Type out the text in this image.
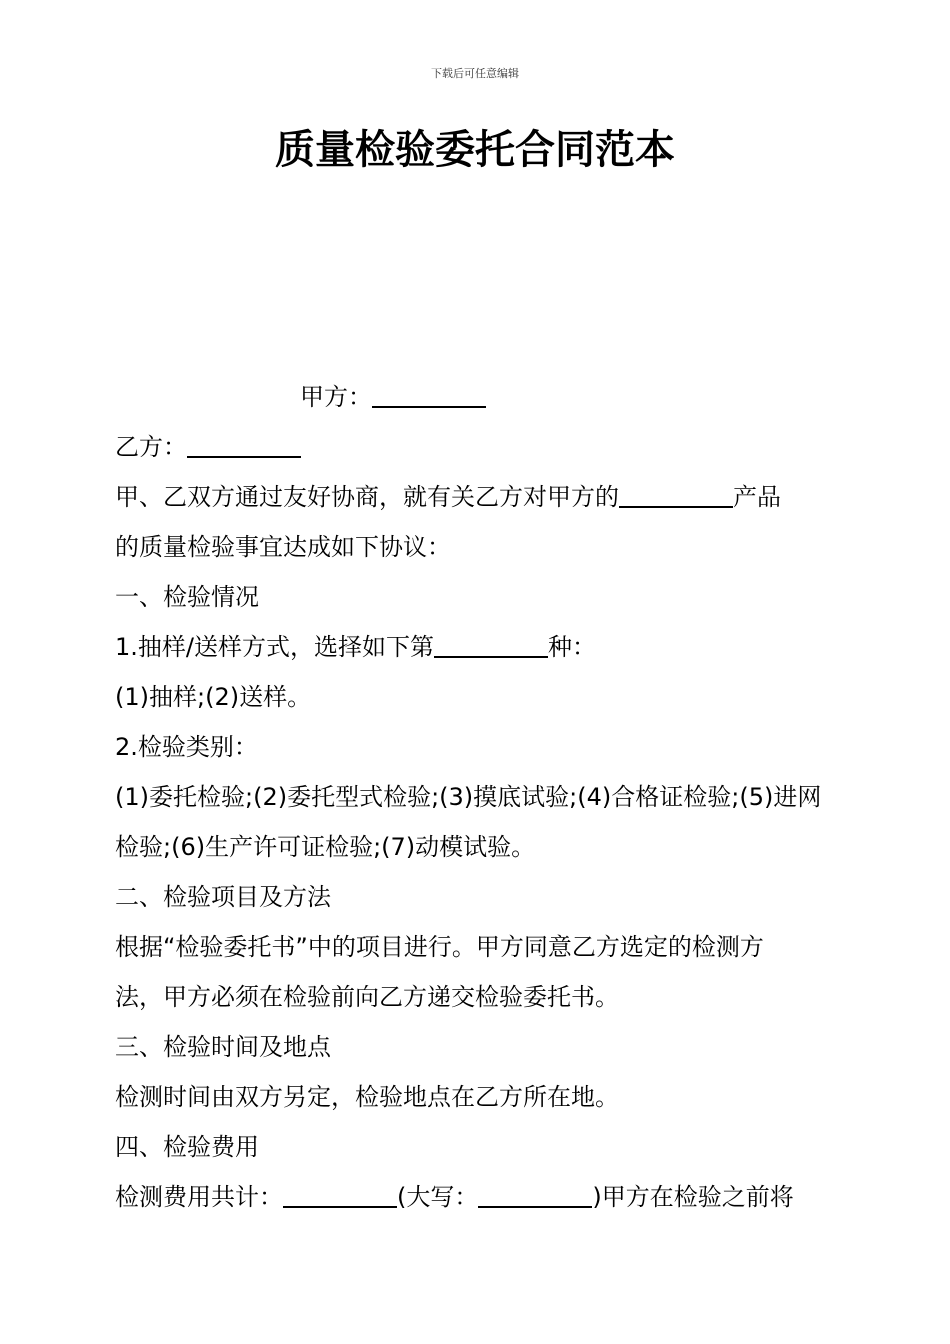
下载后可任意编辑
质量检验委托合同范本

甲方：

乙方：

甲、乙双方通过友好协商，就有关乙方对甲方的	产品

的质量检验事宜达成如下协议：

一、检验情况

1.抽样/送样方式，选择如下第	种：

(1)抽样;(2)送样。

2.检验类别：

(1)委托检验;(2)委托型式检验;(3)摸底试验;(4)合格证检验;(5)进网

检验;(6)生产许可证检验;(7)动模试验。

二、检验项目及方法

根据“检验委托书”中的项目进行。甲方同意乙方选定的检测方

法，甲方必须在检验前向乙方递交检验委托书。

三、检验时间及地点

检测时间由双方另定，检验地点在乙方所在地。

四、检验费用

检测费用共计：	(大写：	)甲方在检验之前将
